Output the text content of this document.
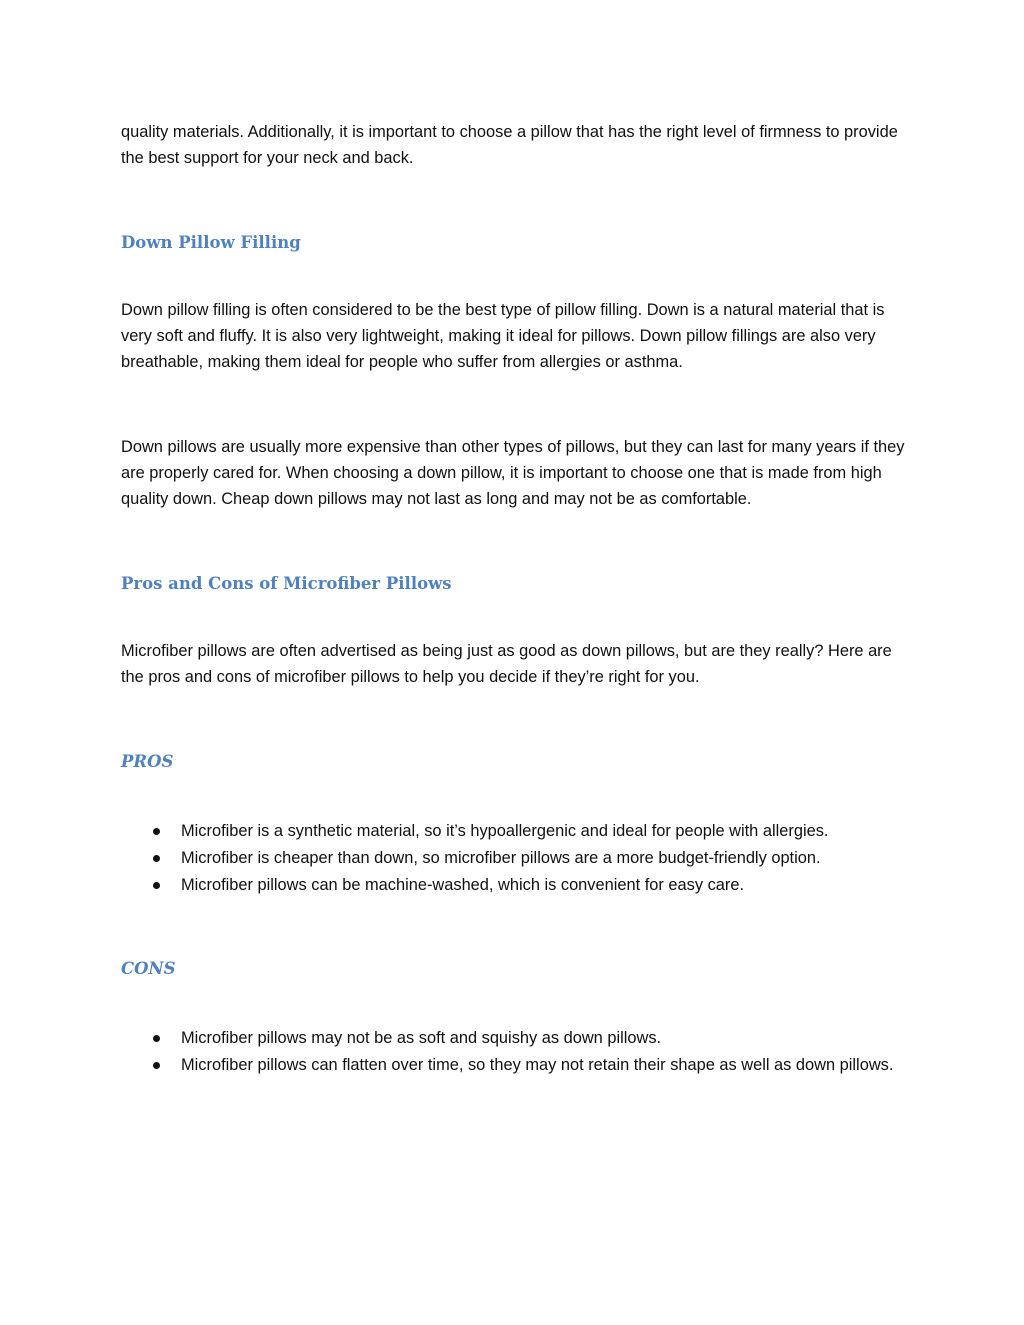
quality materials. Additionally, it is important to choose a pillow that has the right level of firmness to provide the best support for your neck and back.

Down Pillow Filling

Down pillow filling is often considered to be the best type of pillow filling. Down is a natural material that is very soft and fluffy. It is also very lightweight, making it ideal for pillows. Down pillow fillings are also very breathable, making them ideal for people who suffer from allergies or asthma.

Down pillows are usually more expensive than other types of pillows, but they can last for many years if they are properly cared for. When choosing a down pillow, it is important to choose one that is made from high quality down. Cheap down pillows may not last as long and may not be as comfortable.

Pros and Cons of Microfiber Pillows

Microfiber pillows are often advertised as being just as good as down pillows, but are they really? Here are the pros and cons of microfiber pillows to help you decide if they’re right for you.

PROS
Microfiber is a synthetic material, so it’s hypoallergenic and ideal for people with allergies.
Microfiber is cheaper than down, so microfiber pillows are a more budget-friendly option.
Microfiber pillows can be machine-washed, which is convenient for easy care.
CONS
Microfiber pillows may not be as soft and squishy as down pillows.
Microfiber pillows can flatten over time, so they may not retain their shape as well as down pillows.
